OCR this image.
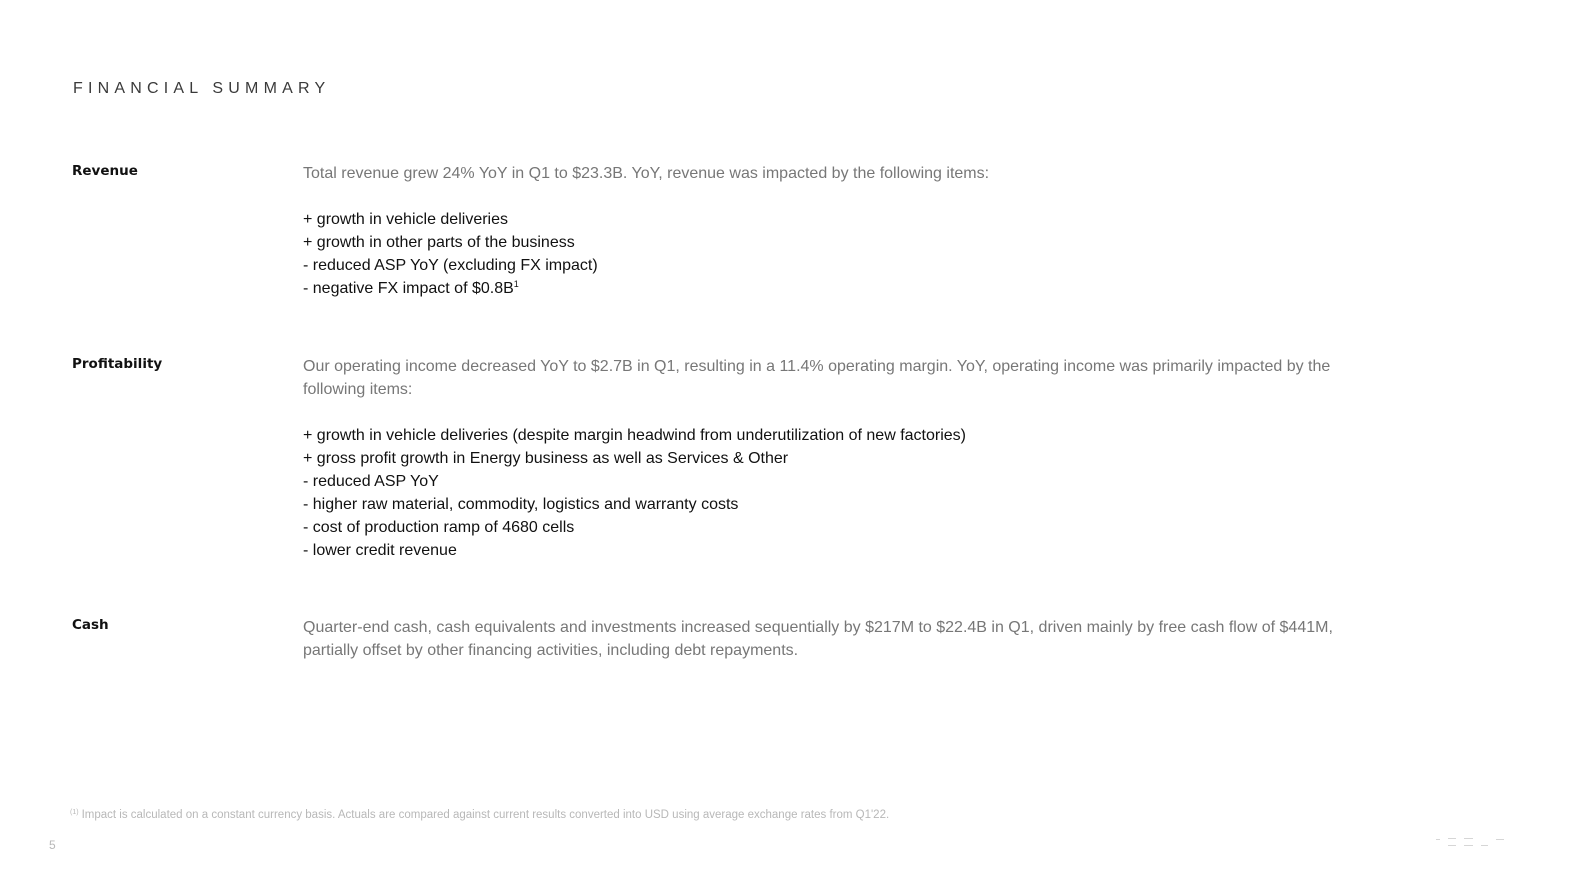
FINANCIAL SUMMARY
Revenue	Total revenue grew 24% YoY in Q1 to $23.3B. YoY, revenue was impacted by the following items:

+ growth in vehicle deliveries
+ growth in other parts of the business
- reduced ASP YoY (excluding FX impact)
- negative FX impact of $\$0.8B^1$
Profitability	Our operating income decreased YoY to $2.7B in Q1, resulting in a 11.4% operating margin. YoY, operating income was primarily impacted by the following items:

+ growth in vehicle deliveries (despite margin headwind from underutilization of new factories)
+ gross profit growth in Energy business as well as Services & Other
- reduced ASP YoY
- higher raw material, commodity, logistics and warranty costs
- cost of production ramp of 4680 cells
- lower credit revenue
Cash	Quarter-end cash, cash equivalents and investments increased sequentially by $217M to $22.4B in Q1, driven mainly by free cash flow of $441M, partially offset by other financing activities, including debt repayments.

$^{(1)}$ Impact is calculated on a constant currency basis. Actuals are compared against current results converted into USD using average exchange rates from Q1'22.
5
